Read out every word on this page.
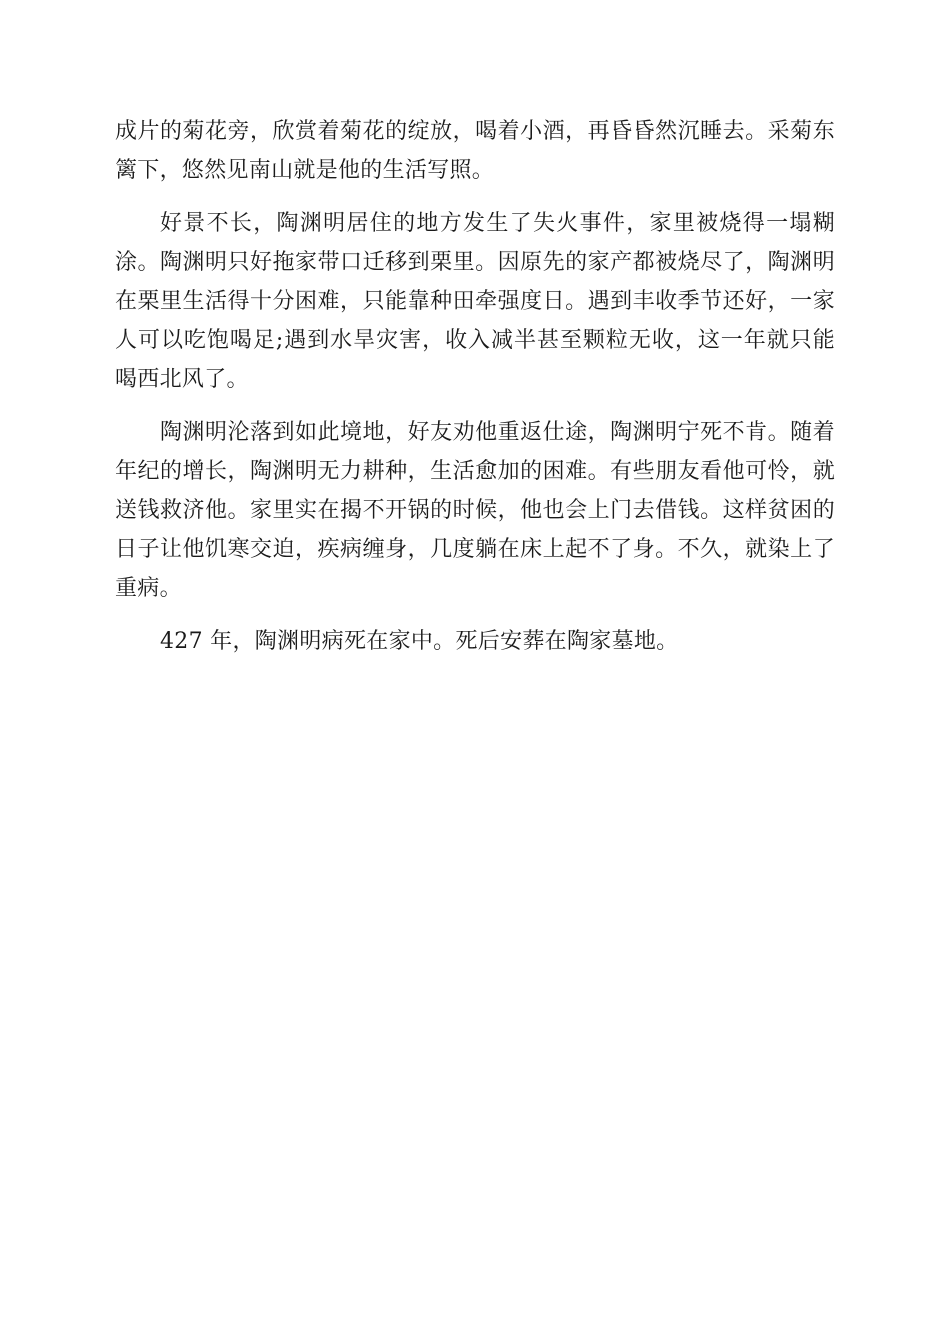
成片的菊花旁，欣赏着菊花的绽放，喝着小酒，再昏昏然沉睡去。采菊东篱下，悠然见南山就是他的生活写照。

好景不长，陶渊明居住的地方发生了失火事件，家里被烧得一塌糊涂。陶渊明只好拖家带口迁移到栗里。因原先的家产都被烧尽了，陶渊明在栗里生活得十分困难，只能靠种田牵强度日。遇到丰收季节还好，一家人可以吃饱喝足;遇到水旱灾害，收入减半甚至颗粒无收，这一年就只能喝西北风了。

陶渊明沦落到如此境地，好友劝他重返仕途，陶渊明宁死不肯。随着年纪的增长，陶渊明无力耕种，生活愈加的困难。有些朋友看他可怜，就送钱救济他。家里实在揭不开锅的时候，他也会上门去借钱。这样贫困的日子让他饥寒交迫，疾病缠身，几度躺在床上起不了身。不久，就染上了重病。

427 年，陶渊明病死在家中。死后安葬在陶家墓地。
